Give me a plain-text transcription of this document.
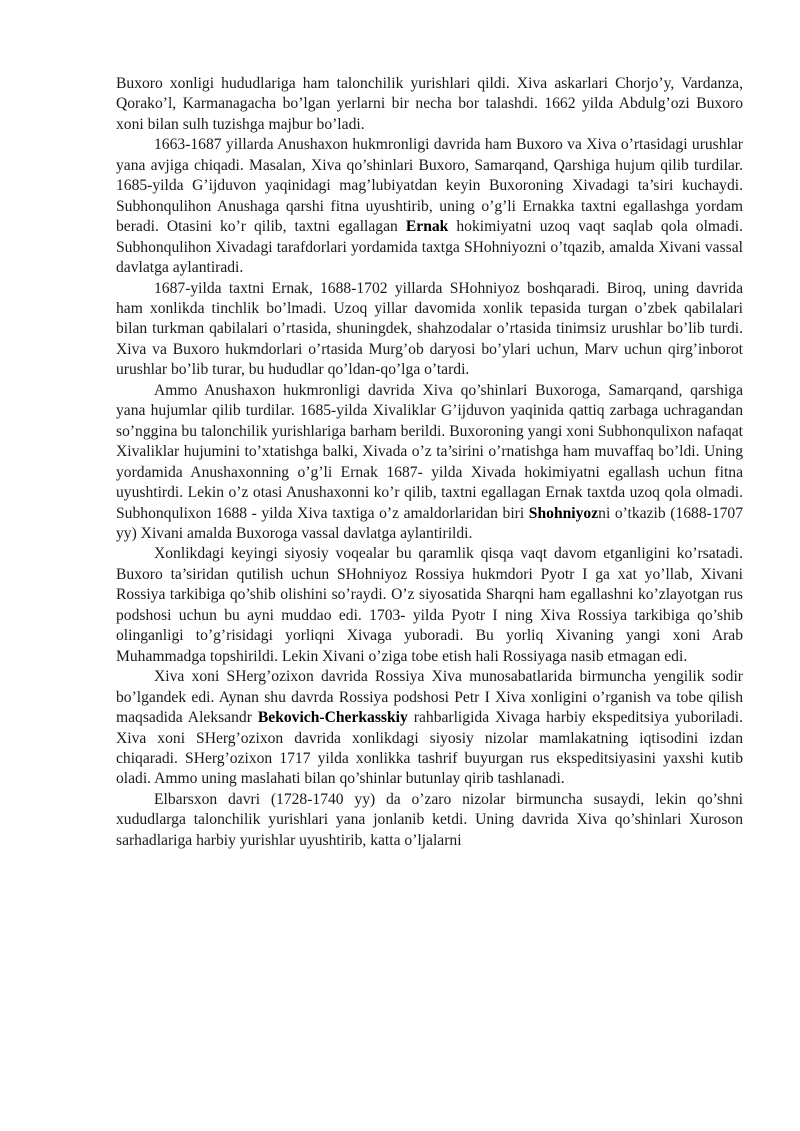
Buxoro xonligi hududlariga ham talonchilik yurishlari qildi. Xiva askarlari Chorjo’y, Vardanza, Qorako’l, Karmanagacha bo’lgan yerlarni bir necha bor talashdi. 1662 yilda Abdulg’ozi Buxoro xoni bilan sulh tuzishga majbur bo’ladi.

1663-1687 yillarda Anushaxon hukmronligi davrida ham Buxoro va Xiva o’rtasidagi urushlar yana avjiga chiqadi. Masalan, Xiva qo’shinlari Buxoro, Samarqand, Qarshiga hujum qilib turdilar. 1685-yilda G’ijduvon yaqinidagi mag’lubiyatdan keyin Buxoroning Xivadagi ta’siri kuchaydi. Subhonqulihon Anushaga qarshi fitna uyushtirib, uning o’g’li Ernakka taxtni egallashga yordam beradi. Otasini ko’r qilib, taxtni egallagan Ernak hokimiyatni uzoq vaqt saqlab qola olmadi. Subhonqulihon Xivadagi tarafdorlari yordamida taxtga SHohniyozni o’tqazib, amalda Xivani vassal davlatga aylantiradi.

1687-yilda taxtni Ernak, 1688-1702 yillarda SHohniyoz boshqaradi. Biroq, uning davrida ham xonlikda tinchlik bo’lmadi. Uzoq yillar davomida xonlik tepasida turgan o’zbek qabilalari bilan turkman qabilalari o’rtasida, shuningdek, shahzodalar o’rtasida tinimsiz urushlar bo’lib turdi. Xiva va Buxoro hukmdorlari o’rtasida Murg’ob daryosi bo’ylari uchun, Marv uchun qirg’inborot urushlar bo’lib turar, bu hududlar qo’ldan-qo’lga o’tardi.

Ammo Anushaxon hukmronligi davrida Xiva qo’shinlari Buxoroga, Samarqand, qarshiga yana hujumlar qilib turdilar. 1685-yilda Xivaliklar G’ijduvon yaqinida qattiq zarbaga uchragandan so’nggina bu talonchilik yurishlariga barham berildi. Buxoroning yangi xoni Subhonqulixon nafaqat Xivaliklar hujumini to’xtatishga balki, Xivada o’z ta’sirini o’rnatishga ham muvaffaq bo’ldi. Uning yordamida Anushaxonning o’g’li Ernak 1687- yilda Xivada hokimiyatni egallash uchun fitna uyushtirdi. Lekin o’z otasi Anushaxonni ko’r qilib, taxtni egallagan Ernak taxtda uzoq qola olmadi. Subhonqulixon 1688 - yilda Xiva taxtiga o’z amaldorlaridan biri Shohniyozni o’tkazib (1688-1707 yy) Xivani amalda Buxoroga vassal davlatga aylantirildi.

Xonlikdagi keyingi siyosiy voqealar bu qaramlik qisqa vaqt davom etganligini ko’rsatadi. Buxoro ta’siridan qutilish uchun SHohniyoz Rossiya hukmdori Pyotr I ga xat yo’llab, Xivani Rossiya tarkibiga qo’shib olishini so’raydi. O’z siyosatida Sharqni ham egallashni ko’zlayotgan rus podshosi uchun bu ayni muddao edi. 1703- yilda Pyotr I ning Xiva Rossiya tarkibiga qo’shib olinganligi to’g’risidagi yorliqni Xivaga yuboradi. Bu yorliq Xivaning yangi xoni Arab Muhammadga topshirildi. Lekin Xivani o’ziga tobe etish hali Rossiyaga nasib etmagan edi.

Xiva xoni SHerg’ozixon davrida Rossiya Xiva munosabatlarida birmuncha yengilik sodir bo’lgandek edi. Aynan shu davrda Rossiya podshosi Petr I Xiva xonligini o’rganish va tobe qilish maqsadida Aleksandr Bekovich-Cherkasskiy rahbarligida Xivaga harbiy ekspeditsiya yuboriladi. Xiva xoni SHerg’ozixon davrida xonlikdagi siyosiy nizolar mamlakatning iqtisodini izdan chiqaradi. SHerg’ozixon 1717 yilda xonlikka tashrif buyurgan rus ekspeditsiyasini yaxshi kutib oladi. Ammo uning maslahati bilan qo’shinlar butunlay qirib tashlanadi.

Elbarsxon davri (1728-1740 yy) da o’zaro nizolar birmuncha susaydi, lekin qo’shni xududlarga talonchilik yurishlari yana jonlanib ketdi. Uning davrida Xiva qo’shinlari Xuroson sarhadlariga harbiy yurishlar uyushtirib, katta o’ljalarni
